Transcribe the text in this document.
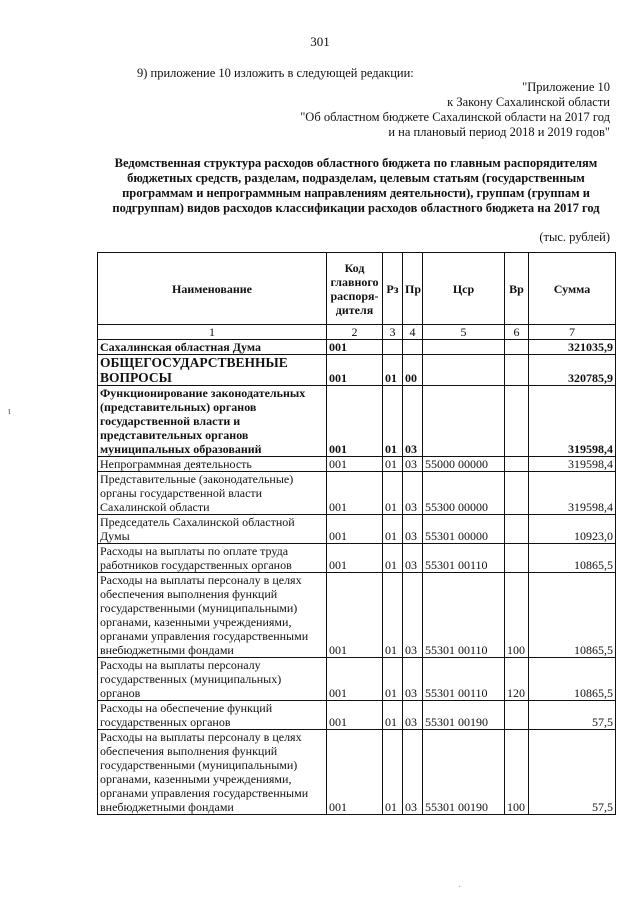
301
9) приложение 10 изложить в следующей редакции:
"Приложение 10
к Закону Сахалинской области
"Об областном бюджете Сахалинской области на 2017 год
и на плановый период 2018 и 2019 годов"
Ведомственная структура расходов областного бюджета по главным распорядителям
бюджетных средств, разделам, подразделам, целевым статьям (государственным
программам и непрограммным направлениям деятельности), группам (группам и
подгруппам) видов расходов классификации расходов областного бюджета на 2017 год
(тыс. рублей)
ι
·
Наименование	Код главного распоря-дителя	Рз	Пр	Цср	Вр	Сумма
1	2	3	4	5	6	7
Сахалинская областная Дума	001					321035,9
ОБЩЕГОСУДАРСТВЕННЫЕ ВОПРОСЫ	001	01	00			320785,9
Функционирование законодательных (представительных) органов государственной власти и представительных органов муниципальных образований	001	01	03			319598,4
Непрограммная деятельность	001	01	03	55000 00000		319598,4
Представительные (законодательные) органы государственной власти Сахалинской области	001	01	03	55300 00000		319598,4
Председатель Сахалинской областной Думы	001	01	03	55301 00000		10923,0
Расходы на выплаты по оплате труда работников государственных органов	001	01	03	55301 00110		10865,5
Расходы на выплаты персоналу в целях обеспечения выполнения функций государственными (муниципальными) органами, казенными учреждениями, органами управления государственными внебюджетными фондами	001	01	03	55301 00110	100	10865,5
Расходы на выплаты персоналу государственных (муниципальных) органов	001	01	03	55301 00110	120	10865,5
Расходы на обеспечение функций государственных органов	001	01	03	55301 00190		57,5
Расходы на выплаты персоналу в целях обеспечения выполнения функций государственными (муниципальными) органами, казенными учреждениями, органами управления государственными внебюджетными фондами	001	01	03	55301 00190	100	57,5
